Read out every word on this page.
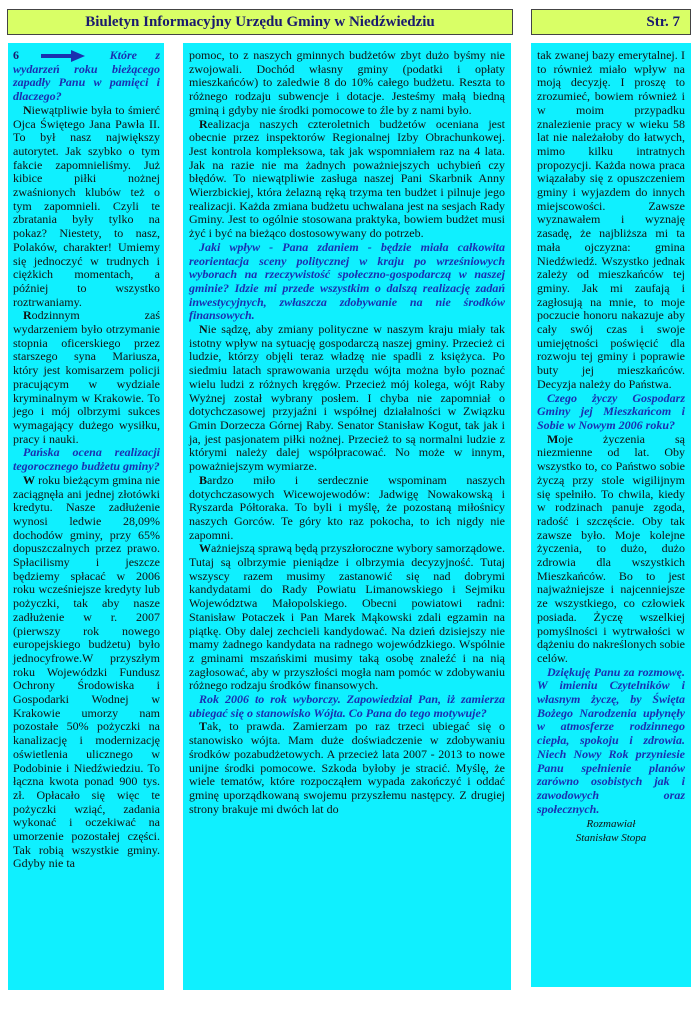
Biuletyn Informacyjny Urzędu Gminy w Niedźwiedziu	Str. 7

6	Które z wydarzeń roku bieżącego zapadły Panu w pamięci i dlaczego?

Niewątpliwie była to śmierć Ojca Świętego Jana Pawła II. To był nasz największy autorytet. Jak szybko o tym fakcie zapomnieliśmy. Już kibice piłki nożnej zwaśnionych klubów też o tym zapomnieli. Czyli te zbratania były tylko na pokaz? Niestety, to nasz, Polaków, charakter! Umiemy się jednoczyć w trudnych i ciężkich momentach, a później to wszystko roztrwaniamy.

Rodzinnym zaś wydarzeniem było otrzymanie stopnia oficerskiego przez starszego syna Mariusza, który jest komisarzem policji pracującym w wydziale kryminalnym w Krakowie. To jego i mój olbrzymi sukces wymagający dużego wysiłku, pracy i nauki.

Pańska ocena realizacji tegorocznego budżetu gminy?

W roku bieżącym gmina nie zaciągnęła ani jednej złotówki kredytu. Nasze zadłużenie wynosi ledwie 28,09% dochodów gminy, przy 65% dopuszczalnych przez prawo. Spłacilismy i jeszcze będziemy spłacać w 2006 roku wcześniejsze kredyty lub pożyczki, tak aby nasze zadłużenie w r. 2007 (pierwszy rok nowego europejskiego budżetu) było jednocyfrowe.W przyszłym roku Wojewódzki Fundusz Ochrony Środowiska i Gospodarki Wodnej w Krakowie umorzy nam pozostałe 50% pożyczki na kanalizację i modernizację oświetlenia ulicznego w Podobinie i Niedźwiedziu. To łączna kwota ponad 900 tys. zł. Opłacało się więc te pożyczki wziąć, zadania wykonać i oczekiwać na umorzenie pozostałej części. Tak robią wszystkie gminy. Gdyby nie ta

pomoc, to z naszych gminnych budżetów zbyt dużo byśmy nie zwojowali. Dochód własny gminy (podatki i opłaty mieszkańców) to zaledwie 8 do 10% całego budżetu. Reszta to różnego rodzaju subwencje i dotacje. Jesteśmy małą biedną gminą i gdyby nie środki pomocowe to źle by z nami było.

Realizacja naszych czteroletnich budżetów oceniana jest obecnie przez inspektorów Regionalnej Izby Obrachunkowej. Jest kontrola kompleksowa, tak jak wspomniałem raz na 4 lata. Jak na razie nie ma żadnych poważniejszych uchybień czy błędów. To niewątpliwie zasługa naszej Pani Skarbnik Anny Wierzbickiej, która żelazną ręką trzyma ten budżet i pilnuje jego realizacji. Każda zmiana budżetu uchwalana jest na sesjach Rady Gminy. Jest to ogólnie stosowana praktyka, bowiem budżet musi żyć i być na bieżąco dostosowywany do potrzeb.

Jaki wpływ - Pana zdaniem - będzie miała całkowita reorientacja sceny politycznej w kraju po wrześniowych wyborach na rzeczywistość społeczno-gospodarczą w naszej gminie? Idzie mi przede wszystkim o dalszą realizację zadań inwestycyjnych, zwłaszcza zdobywanie na nie środków finansowych.

Nie sądzę, aby zmiany polityczne w naszym kraju miały tak istotny wpływ na sytuację gospodarczą naszej gminy. Przecież ci ludzie, którzy objęli teraz władzę nie spadli z księżyca. Po siedmiu latach sprawowania urzędu wójta można było poznać wielu ludzi z różnych kręgów. Przecież mój kolega, wójt Raby Wyżnej został wybrany posłem. I chyba nie zapomniał o dotychczasowej przyjaźni i współnej działalności w Związku Gmin Dorzecza Górnej Raby. Senator Stanisław Kogut, tak jak i ja, jest pasjonatem piłki nożnej. Przecież to są normalni ludzie z którymi należy dalej współpracować. No może w innym, poważniejszym wymiarze.

Bardzo miło i serdecznie wspominam naszych dotychczasowych Wicewojewodów: Jadwigę Nowakowską i Ryszarda Półtoraka. To byli i myślę, że pozostaną miłośnicy naszych Gorców. Te góry kto raz pokocha, to ich nigdy nie zapomni.

Ważniejszą sprawą będą przyszłoroczne wybory samorządowe. Tutaj są olbrzymie pieniądze i olbrzymia decyzyjność. Tutaj wszyscy razem musimy zastanowić się nad dobrymi kandydatami do Rady Powiatu Limanowskiego i Sejmiku Województwa Małopolskiego. Obecni powiatowi radni: Stanisław Potaczek i Pan Marek Mąkowski zdali egzamin na piątkę. Oby dalej zechcieli kandydować. Na dzień dzisiejszy nie mamy żadnego kandydata na radnego wojewódzkiego. Wspólnie z gminami mszańskimi musimy taką osobę znaleźć i na nią zagłosować, aby w przyszłości mogła nam pomóc w zdobywaniu różnego rodzaju środków finansowych.

Rok 2006 to rok wyborczy. Zapowiedział Pan, iż zamierza ubiegać się o stanowisko Wójta. Co Pana do tego motywuje?

Tak, to prawda. Zamierzam po raz trzeci ubiegać się o stanowisko wójta. Mam duże doświadczenie w zdobywaniu środków pozabudżetowych. A przecież lata 2007 - 2013 to nowe unijne środki pomocowe. Szkoda byłoby je stracić. Myślę, że wiele tematów, które rozpocząłem wypada zakończyć i oddać gminę uporządkowaną swojemu przyszłemu następcy. Z drugiej strony brakuje mi dwóch lat do

tak zwanej bazy emerytalnej. I to również miało wpływ na moją decyzję. I proszę to zrozumieć, bowiem również i w moim przypadku znalezienie pracy w wieku 58 lat nie należałoby do łatwych, mimo kilku intratnych propozycji. Każda nowa praca wiązałaby się z opuszczeniem gminy i wyjazdem do innych miejscowości. Zawsze wyznawałem i wyznaję zasadę, że najbliższa mi ta mała ojczyzna: gmina Niedźwiedź. Wszystko jednak zależy od mieszkańców tej gminy. Jak mi zaufają i zagłosują na mnie, to moje poczucie honoru nakazuje aby cały swój czas i swoje umiejętności poświęcić dla rozwoju tej gminy i poprawie buty jej mieszkańców. Decyzja należy do Państwa.

Czego życzy Gospodarz Gminy jej Mieszkańcom i Sobie w Nowym 2006 roku?

Moje życzenia są niezmienne od lat. Oby wszystko to, co Państwo sobie życzą przy stole wigilijnym się spełniło. To chwila, kiedy w rodzinach panuje zgoda, radość i szczęście. Oby tak zawsze było. Moje kolejne życzenia, to dużo, dużo zdrowia dla wszystkich Mieszkańców. Bo to jest najważniejsze i najcenniejsze ze wszystkiego, co człowiek posiada. Życzę wszelkiej pomyślności i wytrwałości w dążeniu do nakreślonych sobie celów.

Dziękuję Panu za rozmowę. W imieniu Czytelników i własnym życzę, by Święta Bożego Narodzenia upłynęły w atmosferze rodzinnego ciepła, spokoju i zdrowia. Niech Nowy Rok przyniesie Panu spełnienie planów zarówno osobistych jak i zawodowych oraz społecznych.

Rozmawiał

Stanisław Stopa
